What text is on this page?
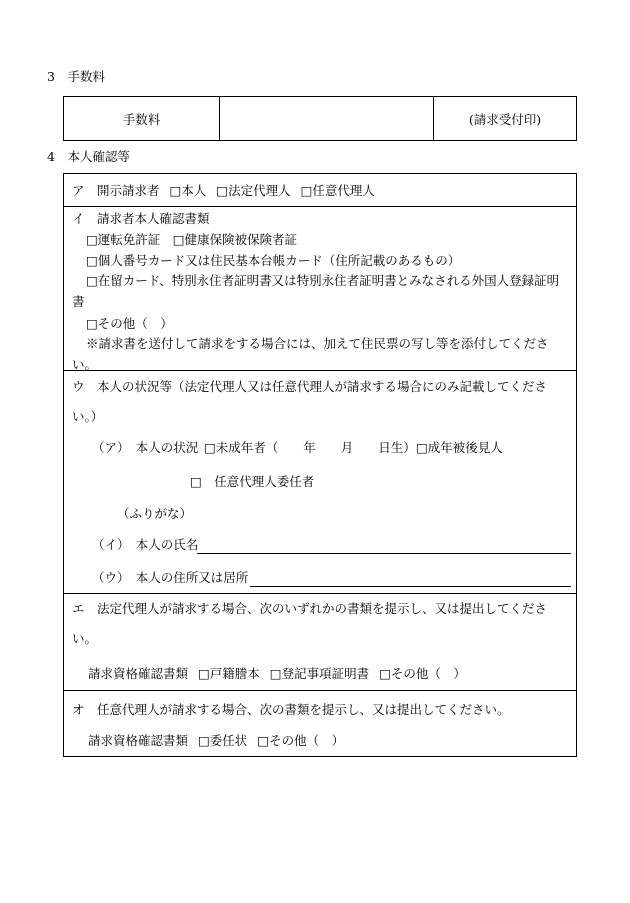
3　手数料
手数料	(請求受付印)
4　本人確認等
ア　開示請求者 □本人 □法定代理人 □任意代理人
イ　請求者本人確認書類
□運転免許証　□健康保険被保険者証
□個人番号カード又は住民基本台帳カード（住所記載のあるもの）
□在留カード、特別永住者証明書又は特別永住者証明書とみなされる外国人登録証明書
□その他（　）
※請求書を送付して請求をする場合には、加えて住民票の写し等を添付してください。
ウ　本人の状況等（法定代理人又は任意代理人が請求する場合にのみ記載してください。）
（ア）　本人の状況 □未成年者（　　年　　月　　日生） □成年被後見人
□　任意代理人委任者
（ふりがな）
（イ）　本人の氏名
（ウ）　本人の住所又は居所
エ　法定代理人が請求する場合、次のいずれかの書類を提示し、又は提出してください。
請求資格確認書類 □戸籍謄本 □登記事項証明書 □その他（　）
オ　任意代理人が請求する場合、次の書類を提示し、又は提出してください。
請求資格確認書類 □委任状 □その他（　）
